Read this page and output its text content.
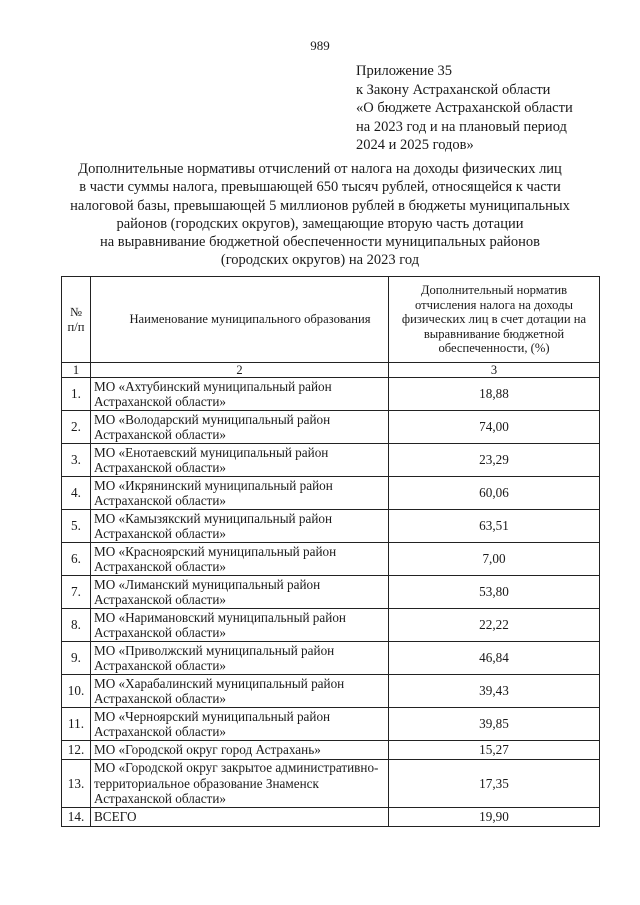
989
Приложение 35
к Закону Астраханской области
«О бюджете Астраханской области
на 2023 год и на плановый период
2024 и 2025 годов»
Дополнительные нормативы отчислений от налога на доходы физических лиц
в части суммы налога, превышающей 650 тысяч рублей, относящейся к части
налоговой базы, превышающей 5 миллионов рублей в бюджеты муниципальных
районов (городских округов), замещающие вторую часть дотации
на выравнивание бюджетной обеспеченности муниципальных районов
(городских округов) на 2023 год
№ п/п	Наименование муниципального образования	Дополнительный норматив отчисления налога на доходы физических лиц в счет дотации на выравнивание бюджетной обеспеченности, (%)
1	2	3
1.	МО «Ахтубинский муниципальный район Астраханской области»	18,88
2.	МО «Володарский муниципальный район Астраханской области»	74,00
3.	МО «Енотаевский муниципальный район Астраханской области»	23,29
4.	МО «Икрянинский муниципальный район Астраханской области»	60,06
5.	МО «Камызякский муниципальный район Астраханской области»	63,51
6.	МО «Красноярский муниципальный район Астраханской области»	7,00
7.	МО «Лиманский муниципальный район Астраханской области»	53,80
8.	МО «Наримановский муниципальный район Астраханской области»	22,22
9.	МО «Приволжский муниципальный район Астраханской области»	46,84
10.	МО «Харабалинский муниципальный район Астраханской области»	39,43
11.	МО «Черноярский муниципальный район Астраханской области»	39,85
12.	МО «Городской округ город Астрахань»	15,27
13.	МО «Городской округ закрытое административно-территориальное образование Знаменск Астраханской области»	17,35
14.	ВСЕГО	19,90
